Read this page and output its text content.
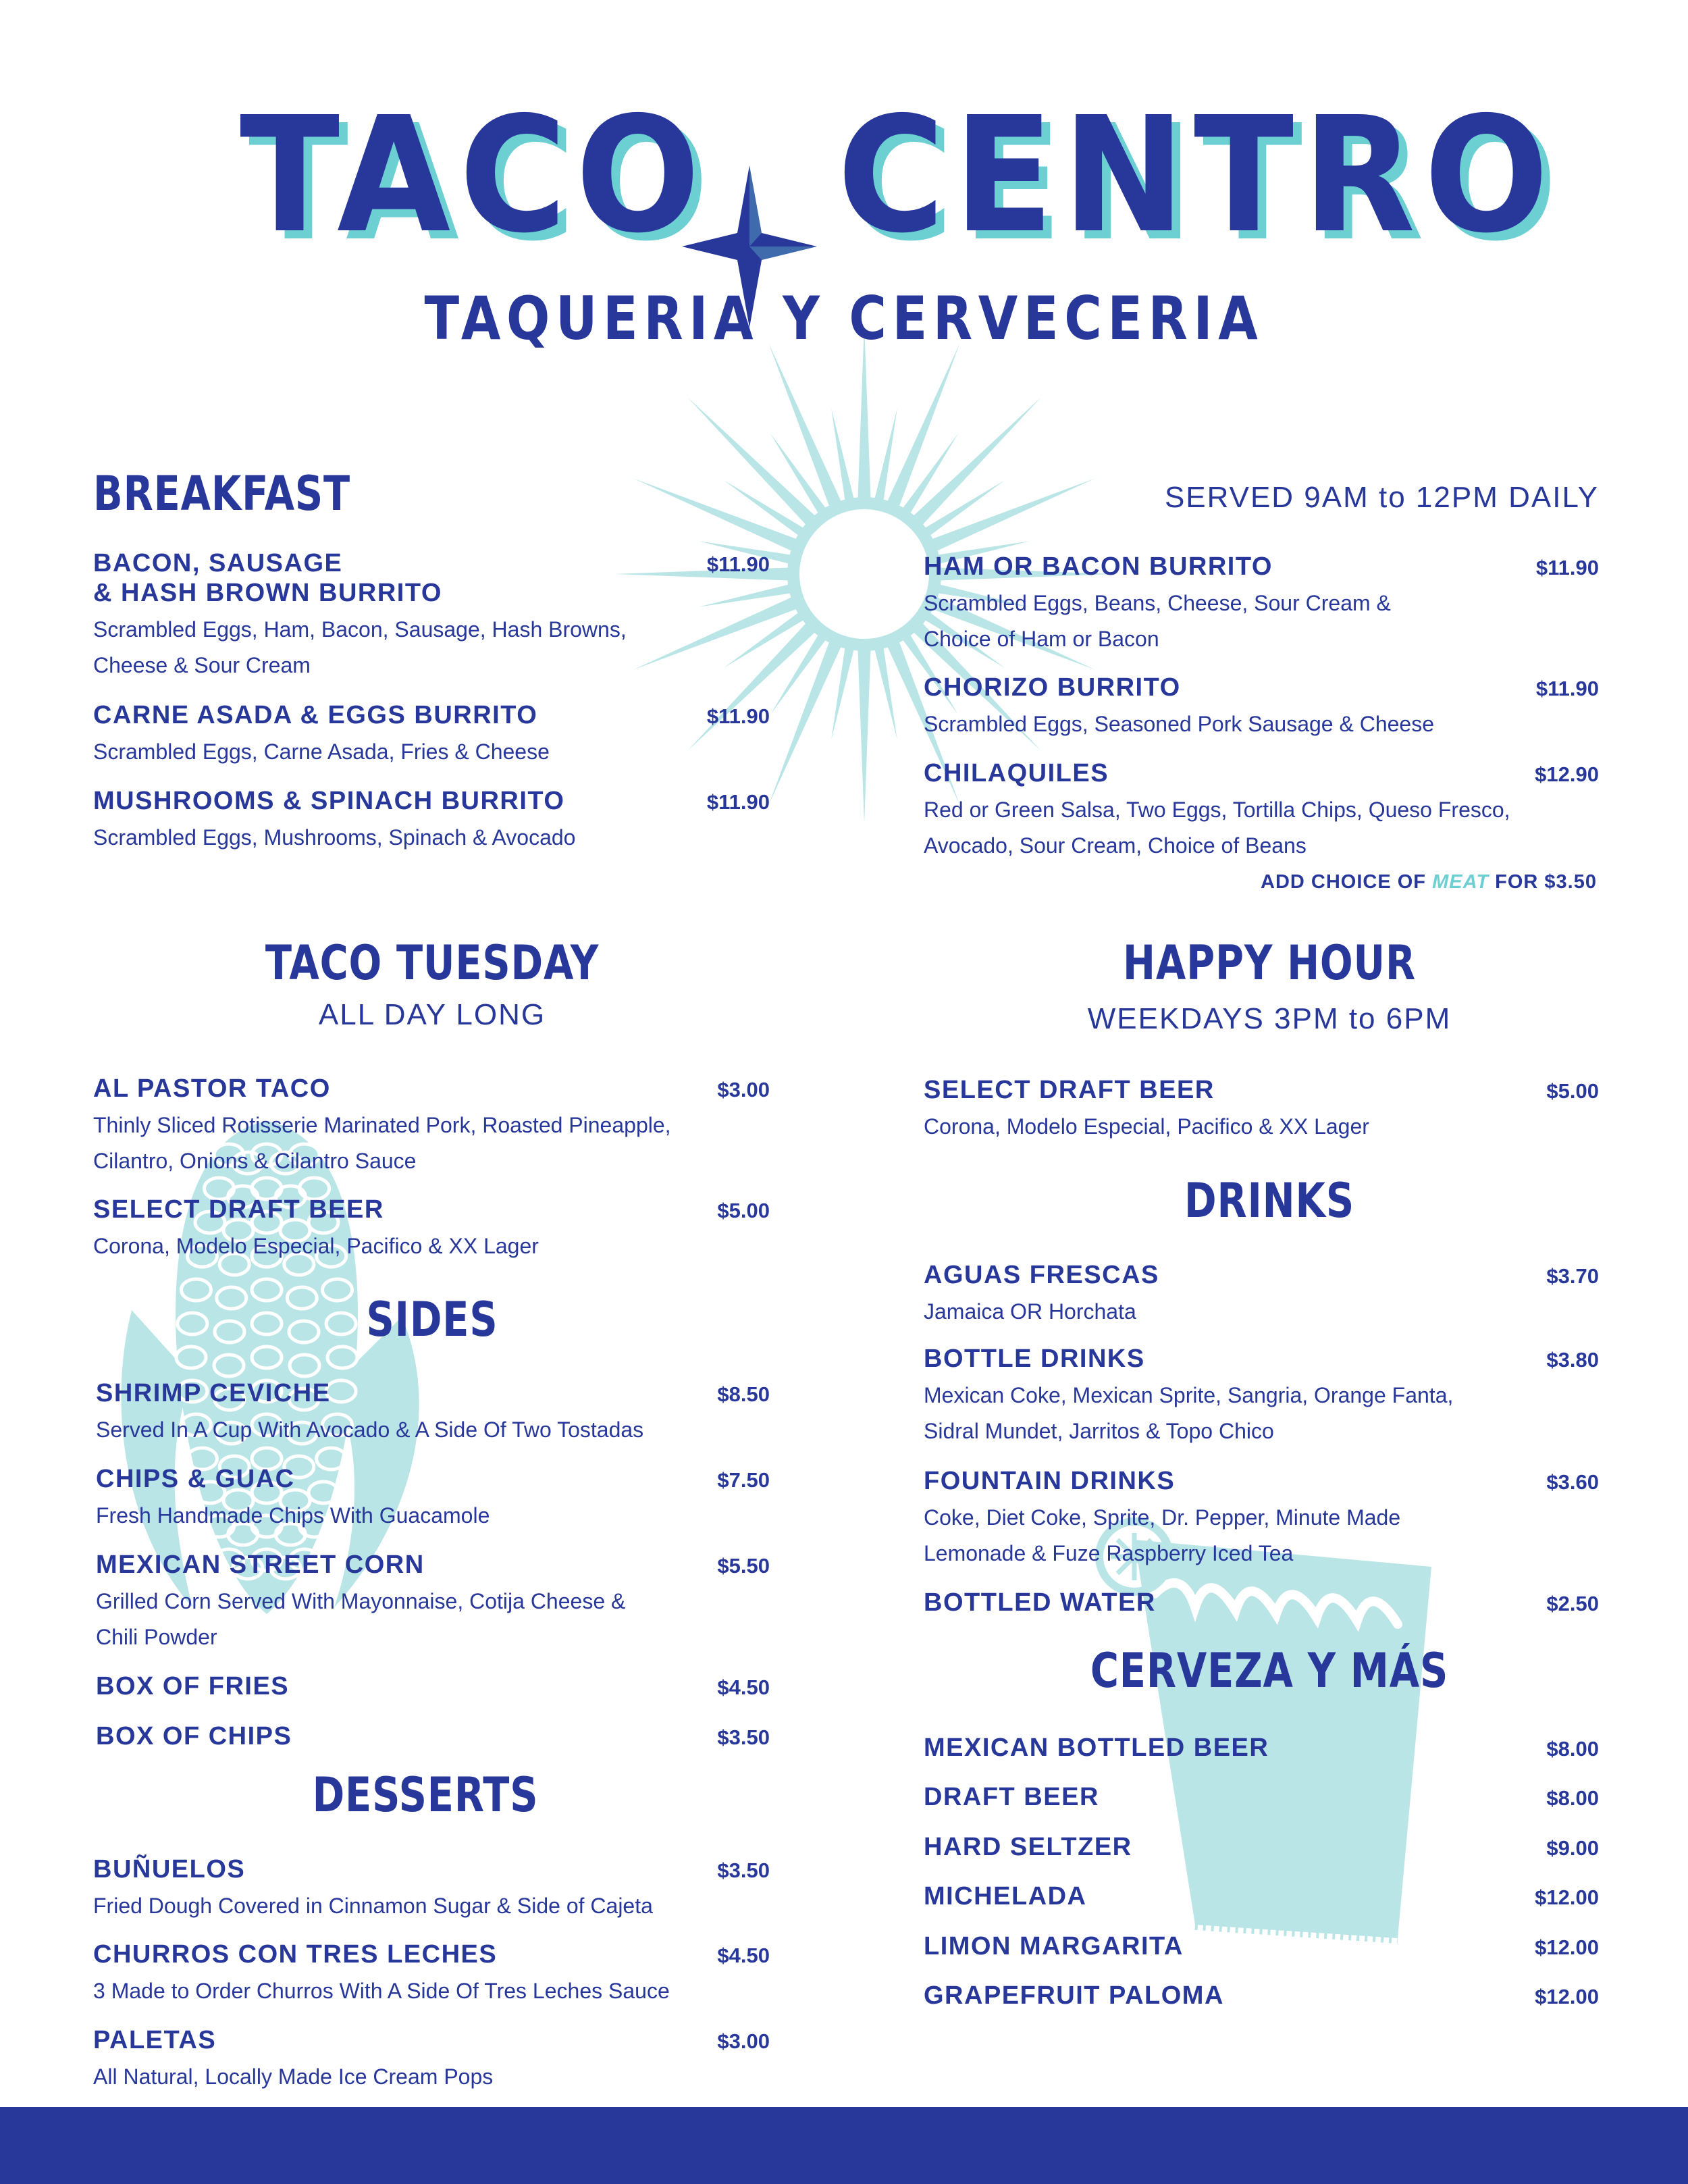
TACO CENTRO
TAQUERIA Y CERVECERIA
BREAKFAST	SERVED 9AM to 12PM DAILY
ADD CHOICE OF MEAT FOR $3.50
TACO TUESDAY
ALL DAY LONG
SIDES
DESSERTS
HAPPY HOUR
WEEKDAYS 3PM to 6PM
DRINKS
CERVEZA Y MÁS
BACON, SAUSAGE
& HASH BROWN BURRITO
Scrambled Eggs, Ham, Bacon, Sausage, Hash Browns,
Cheese & Sour Cream
$11.90
CARNE ASADA & EGGS BURRITO
Scrambled Eggs, Carne Asada, Fries & Cheese
$11.90
MUSHROOMS & SPINACH BURRITO
Scrambled Eggs, Mushrooms, Spinach & Avocado
$11.90
HAM OR BACON BURRITO
Scrambled Eggs, Beans, Cheese, Sour Cream &
Choice of Ham or Bacon
$11.90
CHORIZO BURRITO
Scrambled Eggs, Seasoned Pork Sausage & Cheese
$11.90
CHILAQUILES
Red or Green Salsa, Two Eggs, Tortilla Chips, Queso Fresco,
Avocado, Sour Cream, Choice of Beans
$12.90
AL PASTOR TACO
Thinly Sliced Rotisserie Marinated Pork, Roasted Pineapple,
Cilantro, Onions & Cilantro Sauce
$3.00
SELECT DRAFT BEER
Corona, Modelo Especial, Pacifico & XX Lager
$5.00
SHRIMP CEVICHE
Served In A Cup With Avocado & A Side Of Two Tostadas
$8.50
CHIPS & GUAC
Fresh Handmade Chips With Guacamole
$7.50
MEXICAN STREET CORN
Grilled Corn Served With Mayonnaise, Cotija Cheese &
Chili Powder
$5.50
BOX OF FRIES	$4.50
BOX OF CHIPS	$3.50
BUÑUELOS
Fried Dough Covered in Cinnamon Sugar & Side of Cajeta
$3.50
CHURROS CON TRES LECHES
3 Made to Order Churros With A Side Of Tres Leches Sauce
$4.50
PALETAS
All Natural, Locally Made Ice Cream Pops
$3.00
SELECT DRAFT BEER
Corona, Modelo Especial, Pacifico & XX Lager
$5.00
AGUAS FRESCAS
Jamaica OR Horchata
$3.70
BOTTLE DRINKS
Mexican Coke, Mexican Sprite, Sangria, Orange Fanta,
Sidral Mundet, Jarritos & Topo Chico
$3.80
FOUNTAIN DRINKS
Coke, Diet Coke, Sprite, Dr. Pepper, Minute Made
Lemonade & Fuze Raspberry Iced Tea
$3.60
BOTTLED WATER	$2.50
MEXICAN BOTTLED BEER	$8.00
DRAFT BEER	$8.00
HARD SELTZER	$9.00
MICHELADA	$12.00
LIMON MARGARITA	$12.00
GRAPEFRUIT PALOMA	$12.00
